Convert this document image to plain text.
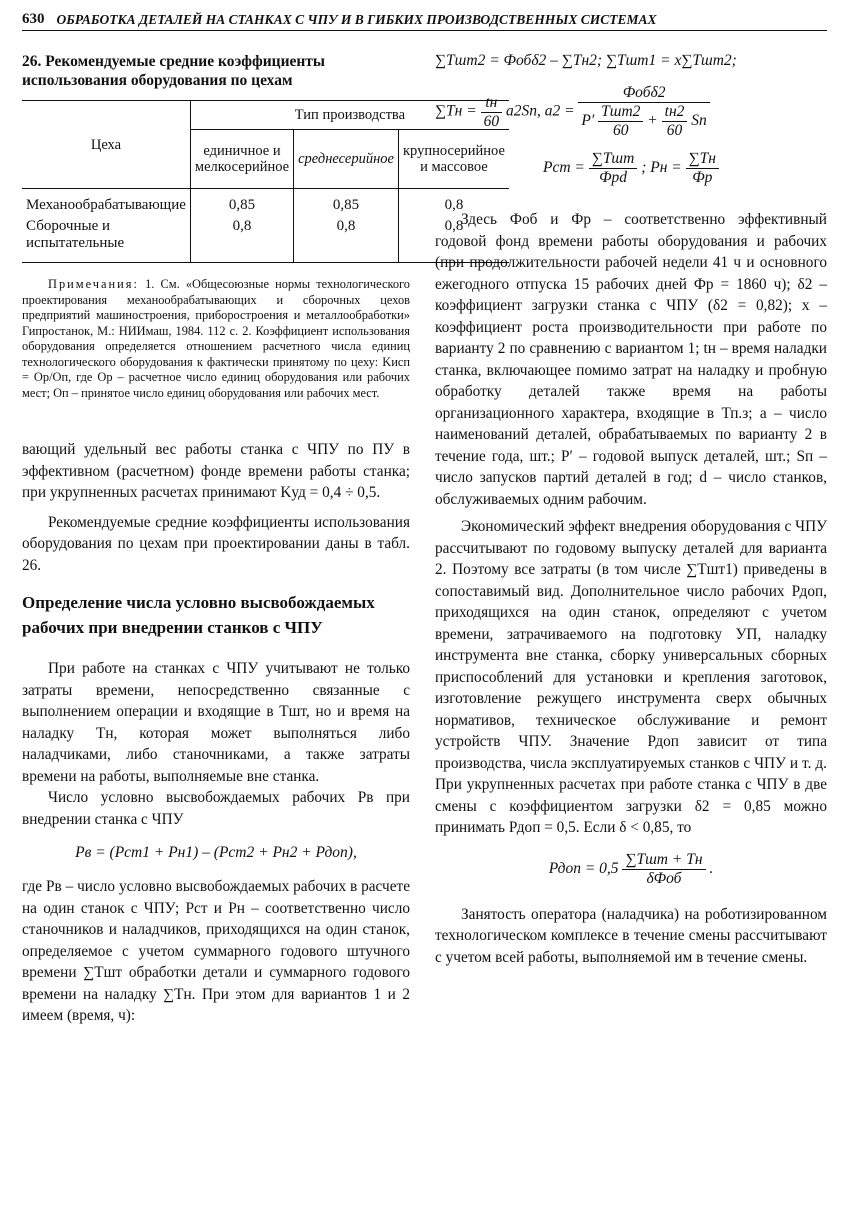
630 ОБРАБОТКА ДЕТАЛЕЙ НА СТАНКАХ С ЧПУ И В ГИБКИХ ПРОИЗВОДСТВЕННЫХ СИСТЕМАХ
26. Рекомендуемые средние коэффициенты использования оборудования по цехам
Цеха	Тип производства		
	единичное и мелкосерийное	среднесерийное	крупносерийное и массовое
Механообрабатывающие	0,85	0,85	0,8
Сборочные и испытательные	0,8	0,8	0,8
Примечания: 1. См. «Общесоюзные нормы технологического проектирования механообрабатывающих и сборочных цехов предприятий машиностроения, приборостроения и металлообработки» Гипростанок, М.: НИИмаш, 1984. 112 с. 2. Коэффициент использования оборудования определяется отношением расчетного числа единиц технологического оборудования к фактически принятому по цеху: Kисп = Ор/Оп, где Ор – расчетное число единиц оборудования или рабочих мест; Оп – принятое число единиц оборудования или рабочих мест.

вающий удельный вес работы станка с ЧПУ по ПУ в эффективном (расчетном) фонде времени работы станка; при укрупненных расчетах принимают Kуд = 0,4 ÷ 0,5.

Рекомендуемые средние коэффициенты использования оборудования по цехам при проектировании даны в табл. 26.

Определение числа условно высвобождаемых рабочих при внедрении станков с ЧПУ

При работе на станках с ЧПУ учитывают не только затраты времени, непосредственно связанные с выполнением операции и входящие в Тшт, но и время на наладку Тн, которая может выполняться либо наладчиками, либо станочниками, а также затраты времени на работы, выполняемые вне станка.

Число условно высвобождаемых рабочих Рв при внедрении станка с ЧПУ

Рв = (Рст1 + Рн1) – (Рст2 + Рн2 + Рдоп),

где Рв – число условно высвобождаемых рабочих в расчете на один станок с ЧПУ; Рст и Рн – соответственно число станочников и наладчиков, приходящихся на один станок, определяемое с учетом суммарного годового штучного времени ∑Тшт обработки детали и суммарного годового времени на наладку ∑Тн. При этом для вариантов 1 и 2 имеем (время, ч):

∑Тшт2 = Фобδ2 – ∑Тн2; ∑Тшт1 = x∑Тшт2;
$\sum Тн = \frac{tн}{60} a2Sп$, a2 =
Фобδ2
$P' \frac{\text{Тшт2}}{60} + \frac{tн2}{60}$ Sп
Рст = $\frac{\text{∑Тшт}}{\text{Фрd}}$ ; Рн = $\frac{\sum Тн}{Фр}$

Здесь Фоб и Фр – соответственно эффективный годовой фонд времени работы оборудования и рабочих (при продолжительности рабочей недели 41 ч и основного ежегодного отпуска 15 рабочих дней Фр = 1860 ч); δ2 – коэффициент загрузки станка с ЧПУ (δ2 = 0,82); x – коэффициент роста производительности при работе по варианту 2 по сравнению с вариантом 1; tн – время наладки станка, включающее помимо затрат на наладку и пробную обработку деталей также время на работы организационного характера, входящие в Тп.з; a – число наименований деталей, обрабатываемых по варианту 2 в течение года, шт.; P′ – годовой выпуск деталей, шт.; Sп – число запусков партий деталей в год; d – число станков, обслуживаемых одним рабочим.

Экономический эффект внедрения оборудования с ЧПУ рассчитывают по годовому выпуску деталей для варианта 2. Поэтому все затраты (в том числе ∑Тшт1) приведены в сопоставимый вид. Дополнительное число рабочих Рдоп, приходящихся на один станок, определяют с учетом времени, затрачиваемого на подготовку УП, наладку инструмента вне станка, сборку универсальных сборных приспособлений для установки и крепления заготовок, изготовление режущего инструмента сверх обычных нормативов, техническое обслуживание и ремонт устройств ЧПУ. Значение Рдоп зависит от типа производства, числа эксплуатируемых станков с ЧПУ и т. д. При укрупненных расчетах при работе станка с ЧПУ в две смены с коэффициентом загрузки δ2 = 0,85 можно принимать Рдоп = 0,5. Если δ < 0,85, то

Рдоп = $0,5 \frac{\text{∑Тшт + Тн}}{\text{δФоб}}$ .

Занятость оператора (наладчика) на роботизированном технологическом комплексе в течение смены рассчитывают с учетом всей работы, выполняемой им в течение смены.
